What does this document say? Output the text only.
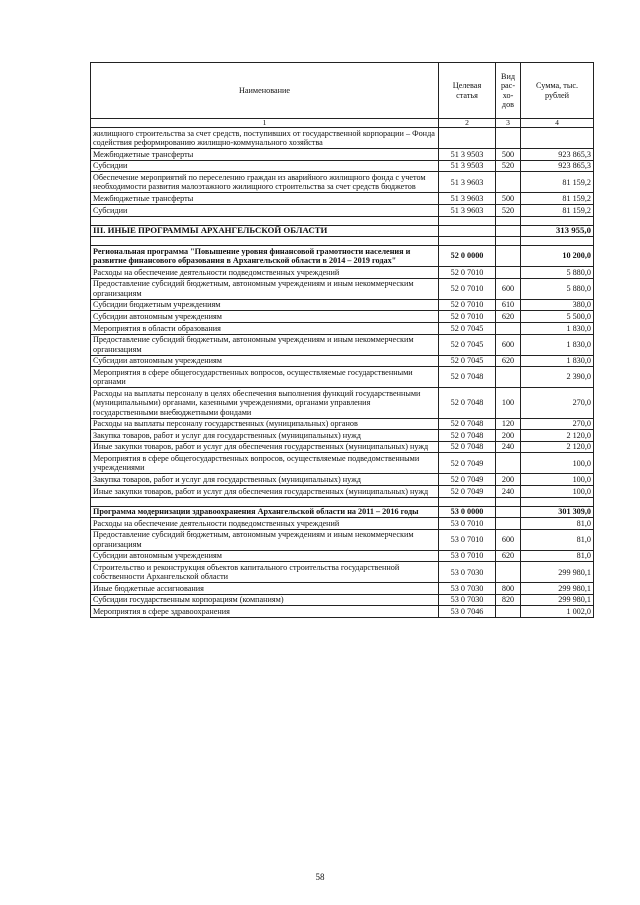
Наименование	Целевая статья	Вид рас-хо-дов	Сумма, тыс. рублей
1	2	3	4
жилищного строительства за счет средств, поступивших от государственной корпорации – Фонда содействия реформированию жилищно-коммунального хозяйства			
Межбюджетные трансферты	51 3 9503	500	923 865,3
Субсидии	51 3 9503	520	923 865,3
Обеспечение мероприятий по переселению граждан из аварийного жилищного фонда с учетом необходимости развития малоэтажного жилищного строительства за счет средств бюджетов	51 3 9603		81 159,2
Межбюджетные трансферты	51 3 9603	500	81 159,2
Субсидии	51 3 9603	520	81 159,2

III. ИНЫЕ ПРОГРАММЫ АРХАНГЕЛЬСКОЙ ОБЛАСТИ			313 955,0

Региональная программа "Повышение уровня финансовой грамотности населения и развитие финансового образования в Архангельской области в 2014 – 2019 годах"	52 0 0000		10 200,0
Расходы на обеспечение деятельности подведомственных учреждений	52 0 7010		5 880,0
Предоставление субсидий бюджетным, автономным учреждениям и иным некоммерческим организациям	52 0 7010	600	5 880,0
Субсидии бюджетным учреждениям	52 0 7010	610	380,0
Субсидии автономным учреждениям	52 0 7010	620	5 500,0
Мероприятия в области образования	52 0 7045		1 830,0
Предоставление субсидий бюджетным, автономным учреждениям и иным некоммерческим организациям	52 0 7045	600	1 830,0
Субсидии автономным учреждениям	52 0 7045	620	1 830,0
Мероприятия в сфере общегосударственных вопросов, осуществляемые государственными органами	52 0 7048		2 390,0
Расходы на выплаты персоналу в целях обеспечения выполнения функций государственными (муниципальными) органами, казенными учреждениями, органами управления государственными внебюджетными фондами	52 0 7048	100	270,0
Расходы на выплаты персоналу государственных (муниципальных) органов	52 0 7048	120	270,0
Закупка товаров, работ и услуг для государственных (муниципальных) нужд	52 0 7048	200	2 120,0
Иные закупки товаров, работ и услуг для обеспечения государственных (муниципальных) нужд	52 0 7048	240	2 120,0
Мероприятия в сфере общегосударственных вопросов, осуществляемые подведомственными учреждениями	52 0 7049		100,0
Закупка товаров, работ и услуг для государственных (муниципальных) нужд	52 0 7049	200	100,0
Иные закупки товаров, работ и услуг для обеспечения государственных (муниципальных) нужд	52 0 7049	240	100,0

Программа модернизации здравоохранения Архангельской области на 2011 – 2016 годы	53 0 0000		301 309,0
Расходы на обеспечение деятельности подведомственных учреждений	53 0 7010		81,0
Предоставление субсидий бюджетным, автономным учреждениям и иным некоммерческим организациям	53 0 7010	600	81,0
Субсидии автономным учреждениям	53 0 7010	620	81,0
Строительство и реконструкция объектов капитального строительства государственной собственности Архангельской области	53 0 7030		299 980,1
Иные бюджетные ассигнования	53 0 7030	800	299 980,1
Субсидии государственным корпорациям (компаниям)	53 0 7030	820	299 980,1
Мероприятия в сфере здравоохранения	53 0 7046		1 002,0
58
